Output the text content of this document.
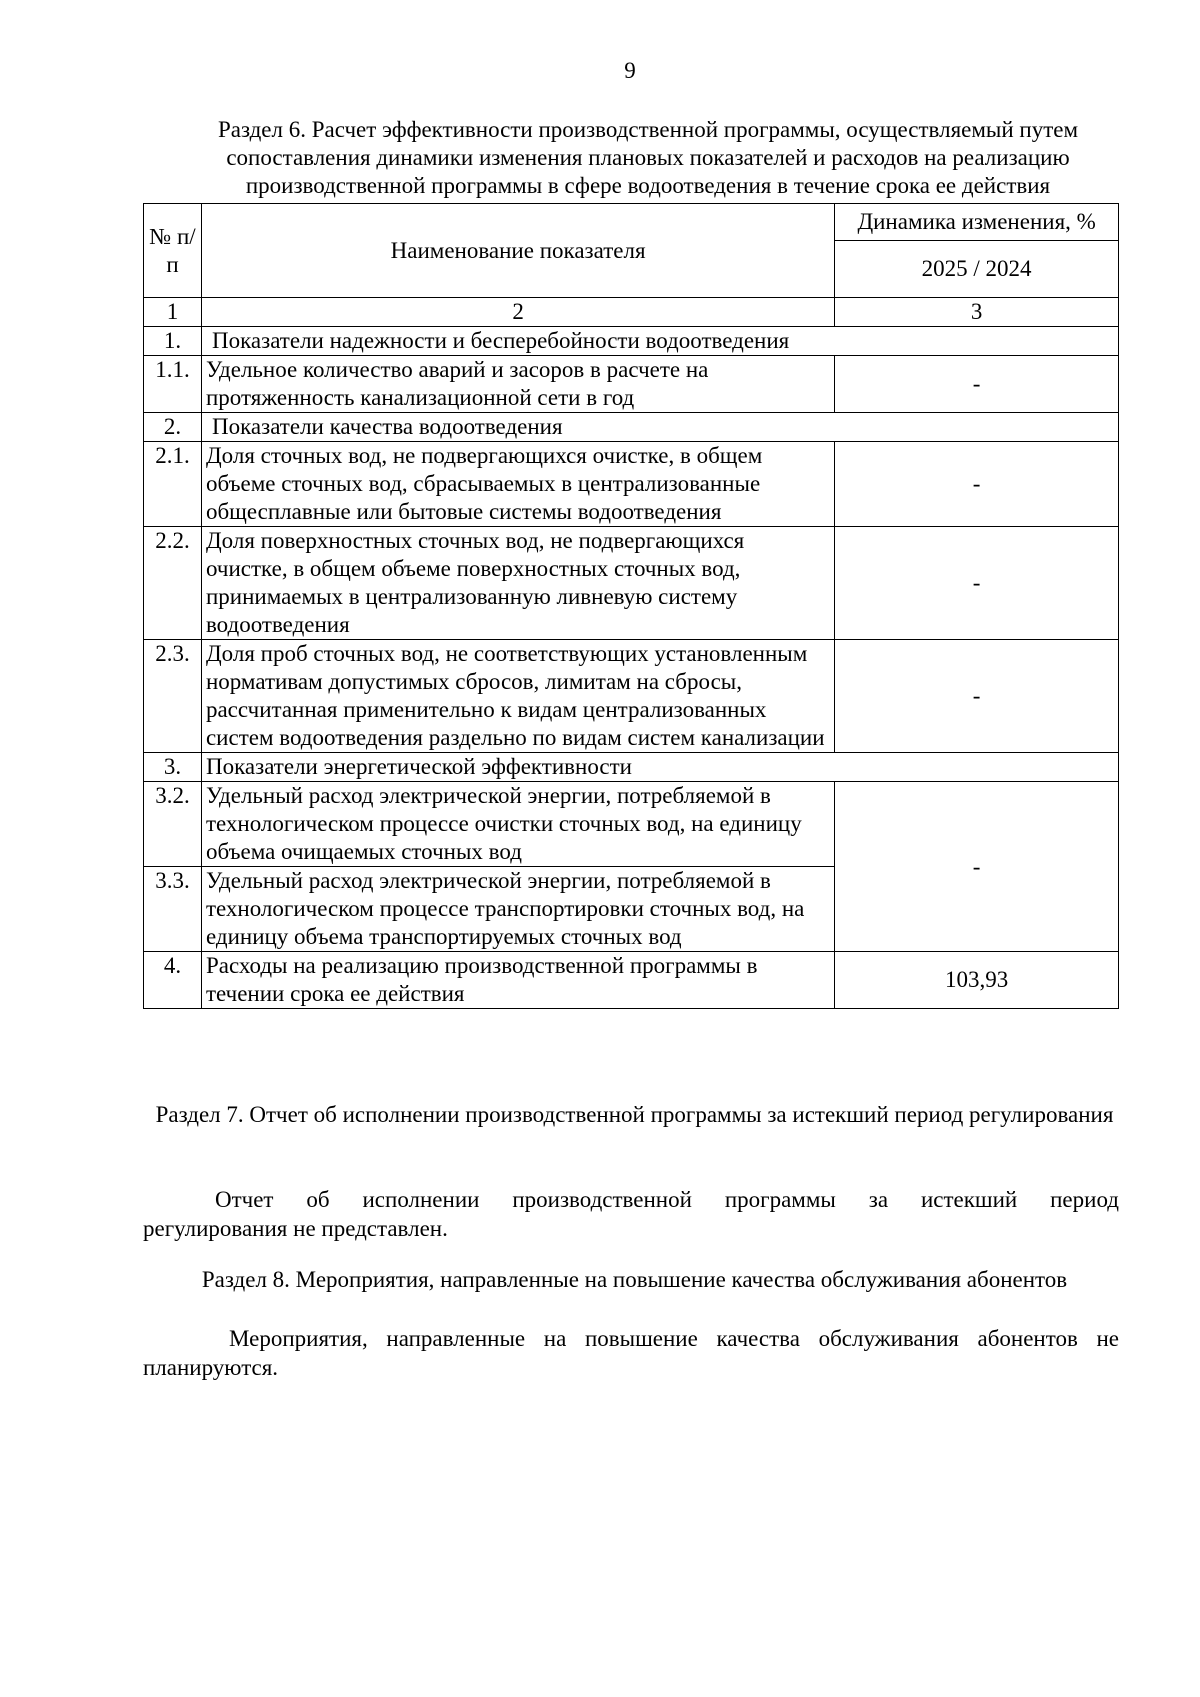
9
Раздел 6. Расчет эффективности производственной программы, осуществляемый путем сопоставления динамики изменения плановых показателей и расходов на реализацию производственной программы в сфере водоотведения в течение срока ее действия
№ п/п	Наименование показателя	Динамика изменения, %
		2025 / 2024
1	2	3
1.	Показатели надежности и бесперебойности водоотведения	
1.1.	Удельное количество аварий и засоров в расчете на протяженность канализационной сети в год	-
2.	Показатели качества водоотведения	
2.1.	Доля сточных вод, не подвергающихся очистке, в общем объеме сточных вод, сбрасываемых в централизованные общесплавные или бытовые системы водоотведения	-
2.2.	Доля поверхностных сточных вод, не подвергающихся очистке, в общем объеме поверхностных сточных вод, принимаемых в централизованную ливневую систему водоотведения	-
2.3.	Доля проб сточных вод, не соответствующих установленным нормативам допустимых сбросов, лимитам на сбросы, рассчитанная применительно к видам централизованных систем водоотведения раздельно по видам систем канализации	-
3.	Показатели энергетической эффективности	
3.2.	Удельный расход электрической энергии, потребляемой в технологическом процессе очистки сточных вод, на единицу объема очищаемых сточных вод	-
3.3.	Удельный расход электрической энергии, потребляемой в технологическом процессе транспортировки сточных вод, на единицу объема транспортируемых сточных вод	
4.	Расходы на реализацию производственной программы в течении срока ее действия	103,93
Раздел 7. Отчет об исполнении производственной программы за истекший период регулирования
Отчет об исполнении производственной программы за истекший период регулирования не представлен.
Раздел 8. Мероприятия, направленные на повышение качества обслуживания абонентов
Мероприятия, направленные на повышение качества обслуживания абонентов не планируются.
